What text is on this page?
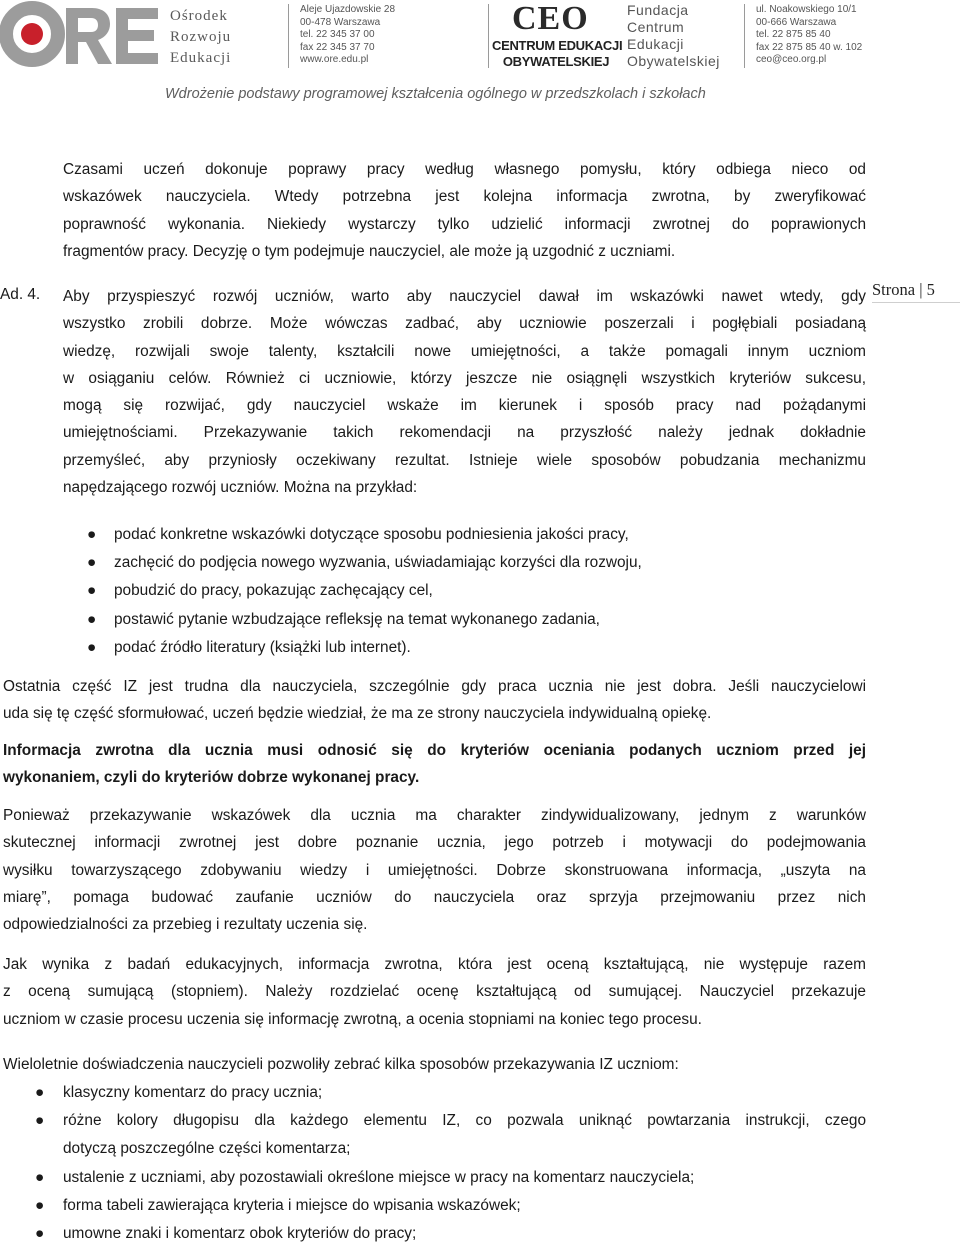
Ośrodek
Rozwoju
Edukacji
Aleje Ujazdowskie 28
00-478 Warszawa
tel. 22 345 37 00
fax 22 345 37 70
www.ore.edu.pl
CEO
CENTRUM EDUKACJI
OBYWATELSKIEJ
Fundacja
Centrum
Edukacji
Obywatelskiej
ul. Noakowskiego 10/1
00-666 Warszawa
tel. 22 875 85 40
fax 22 875 85 40 w. 102
ceo@ceo.org.pl
Wdrożenie podstawy programowej kształcenia ogólnego w przedszkolach i szkołach
Czasami uczeń dokonuje poprawy pracy według własnego pomysłu, który odbiega nieco od
wskazówek nauczyciela. Wtedy potrzebna jest kolejna informacja zwrotna, by zweryfikować
poprawność wykonania. Niekiedy wystarczy tylko udzielić informacji zwrotnej do poprawionych
fragmentów pracy. Decyzję o tym podejmuje nauczyciel, ale może ją uzgodnić z uczniami.
Ad. 4.	Strona | 5
Aby przyspieszyć rozwój uczniów, warto aby nauczyciel dawał im wskazówki nawet wtedy, gdy
wszystko zrobili dobrze. Może wówczas zadbać, aby uczniowie poszerzali i pogłębiali posiadaną
wiedzę, rozwijali swoje talenty, kształcili nowe umiejętności, a także pomagali innym uczniom
w osiąganiu celów. Również ci uczniowie, którzy jeszcze nie osiągnęli wszystkich kryteriów sukcesu,
mogą się rozwijać, gdy nauczyciel wskaże im kierunek i sposób pracy nad pożądanymi
umiejętnościami. Przekazywanie takich rekomendacji na przyszłość należy jednak dokładnie
przemyśleć, aby przyniosły oczekiwany rezultat. Istnieje wiele sposobów pobudzania mechanizmu
napędzającego rozwój uczniów. Można na przykład:
● podać konkretne wskazówki dotyczące sposobu podniesienia jakości pracy,
● zachęcić do podjęcia nowego wyzwania, uświadamiając korzyści dla rozwoju,
● pobudzić do pracy, pokazując zachęcający cel,
● postawić pytanie wzbudzające refleksję na temat wykonanego zadania,
● podać źródło literatury (książki lub internet).
Ostatnia część IZ jest trudna dla nauczyciela, szczególnie gdy praca ucznia nie jest dobra. Jeśli nauczycielowi
uda się tę część sformułować, uczeń będzie wiedział, że ma ze strony nauczyciela indywidualną opiekę.
Informacja zwrotna dla ucznia musi odnosić się do kryteriów oceniania podanych uczniom przed jej
wykonaniem, czyli do kryteriów dobrze wykonanej pracy.
Ponieważ przekazywanie wskazówek dla ucznia ma charakter zindywidualizowany, jednym z warunków
skutecznej informacji zwrotnej jest dobre poznanie ucznia, jego potrzeb i motywacji do podejmowania
wysiłku towarzyszącego zdobywaniu wiedzy i umiejętności. Dobrze skonstruowana informacja, „uszyta na
miarę”, pomaga budować zaufanie uczniów do nauczyciela oraz sprzyja przejmowaniu przez nich
odpowiedzialności za przebieg i rezultaty uczenia się.
Jak wynika z badań edukacyjnych, informacja zwrotna, która jest oceną kształtującą, nie występuje razem
z oceną sumującą (stopniem). Należy rozdzielać ocenę kształtującą od sumującej. Nauczyciel przekazuje
uczniom w czasie procesu uczenia się informację zwrotną, a ocenia stopniami na koniec tego procesu.
Wieloletnie doświadczenia nauczycieli pozwoliły zebrać kilka sposobów przekazywania IZ uczniom:
● klasyczny komentarz do pracy ucznia;
● różne kolory długopisu dla każdego elementu IZ, co pozwala uniknąć powtarzania instrukcji, czego
dotyczą poszczególne części komentarza;
● ustalenie z uczniami, aby pozostawiali określone miejsce w pracy na komentarz nauczyciela;
● forma tabeli zawierająca kryteria i miejsce do wpisania wskazówek;
● umowne znaki i komentarz obok kryteriów do pracy;
